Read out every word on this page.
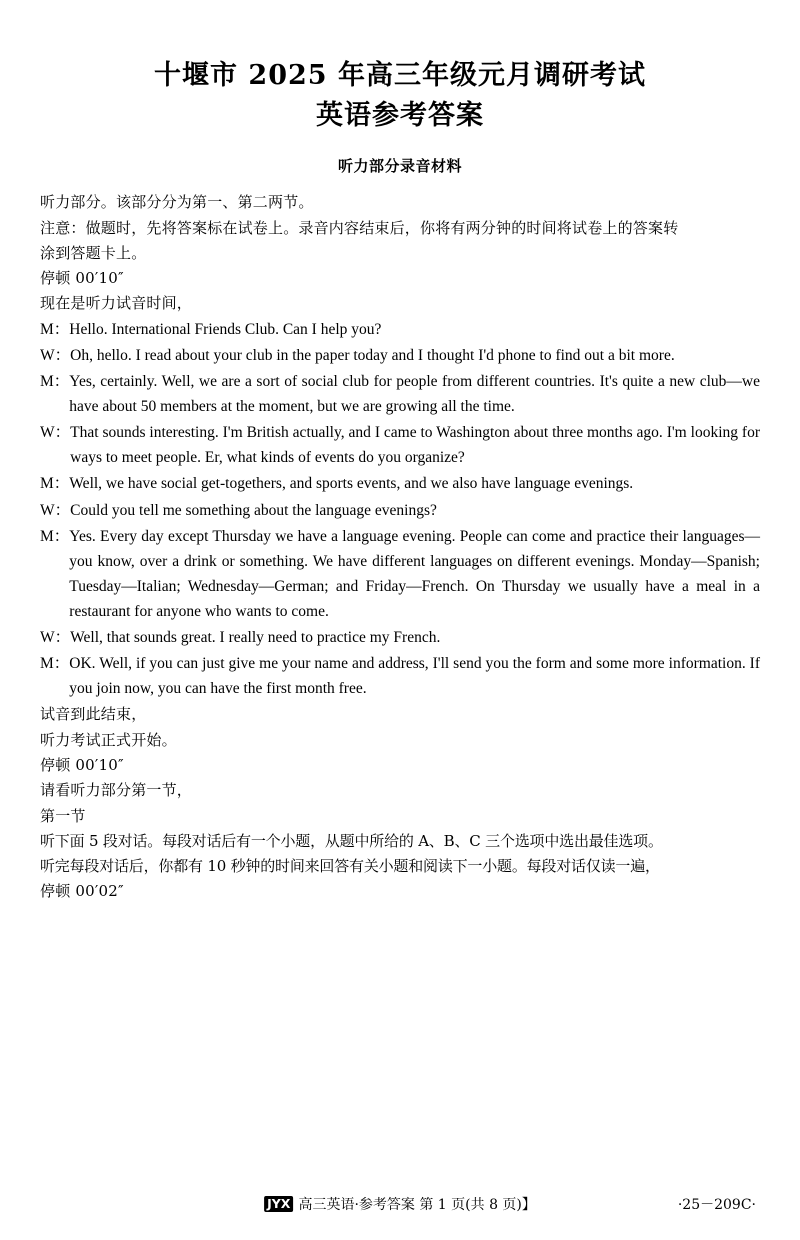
十堰市 2025 年高三年级元月调研考试
英语参考答案
听力部分录音材料
听力部分。该部分分为第一、第二两节。
注意：做题时，先将答案标在试卷上。录音内容结束后，你将有两分钟的时间将试卷上的答案转
涂到答题卡上。
停顿 00′10″
现在是听力试音时间，
M： Hello. International Friends Club. Can I help you?
W： Oh, hello. I read about your club in the paper today and I thought I'd phone to find out a bit more.
M： Yes, certainly. Well, we are a sort of social club for people from different countries. It's quite a new club—we have about 50 members at the moment, but we are growing all the time.
W： That sounds interesting. I'm British actually, and I came to Washington about three months ago. I'm looking for ways to meet people. Er, what kinds of events do you organize?
M： Well, we have social get-togethers, and sports events, and we also have language evenings.
W： Could you tell me something about the language evenings?
M： Yes. Every day except Thursday we have a language evening. People can come and practice their languages—you know, over a drink or something. We have different languages on different evenings. Monday—Spanish; Tuesday—Italian; Wednesday—German; and Friday—French. On Thursday we usually have a meal in a restaurant for anyone who wants to come.
W： Well, that sounds great. I really need to practice my French.
M： OK. Well, if you can just give me your name and address, I'll send you the form and some more information. If you join now, you can have the first month free.
试音到此结束，
听力考试正式开始。
停顿 00′10″
请看听力部分第一节，
第一节
听下面 5 段对话。每段对话后有一个小题，从题中所给的 A、B、C 三个选项中选出最佳选项。
听完每段对话后，你都有 10 秒钟的时间来回答有关小题和阅读下一小题。每段对话仅读一遍，
停顿 00′02″
JYX 高三英语·参考答案 第 1 页(共 8 页)】	·25－209C·
